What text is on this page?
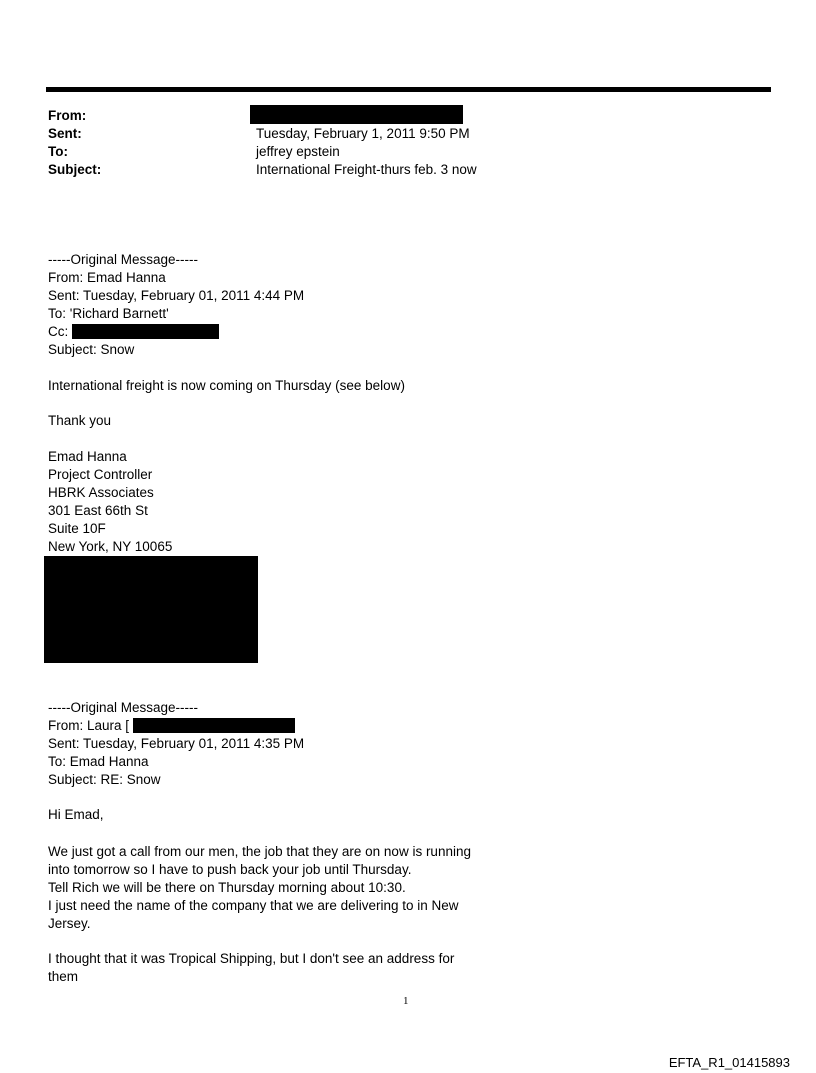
From:
Sent:	Tuesday, February 1, 2011 9:50 PM
To:	jeffrey epstein
Subject:	International Freight-thurs feb. 3 now
-----Original Message-----
From: Emad Hanna
Sent: Tuesday, February 01, 2011 4:44 PM
To: 'Richard Barnett'
Cc:
Subject: Snow
International freight is now coming on Thursday (see below)
Thank you
Emad Hanna
Project Controller
HBRK Associates
301 East 66th St
Suite 10F
New York, NY 10065
-----Original Message-----
From: Laura [
Sent: Tuesday, February 01, 2011 4:35 PM
To: Emad Hanna
Subject: RE: Snow
Hi Emad,
We just got a call from our men, the job that they are on now is running
into tomorrow so I have to push back your job until Thursday.
Tell Rich we will be there on Thursday morning about 10:30.
I just need the name of the company that we are delivering to in New
Jersey.
I thought that it was Tropical Shipping, but I don't see an address for
them
1
EFTA_R1_01415893
